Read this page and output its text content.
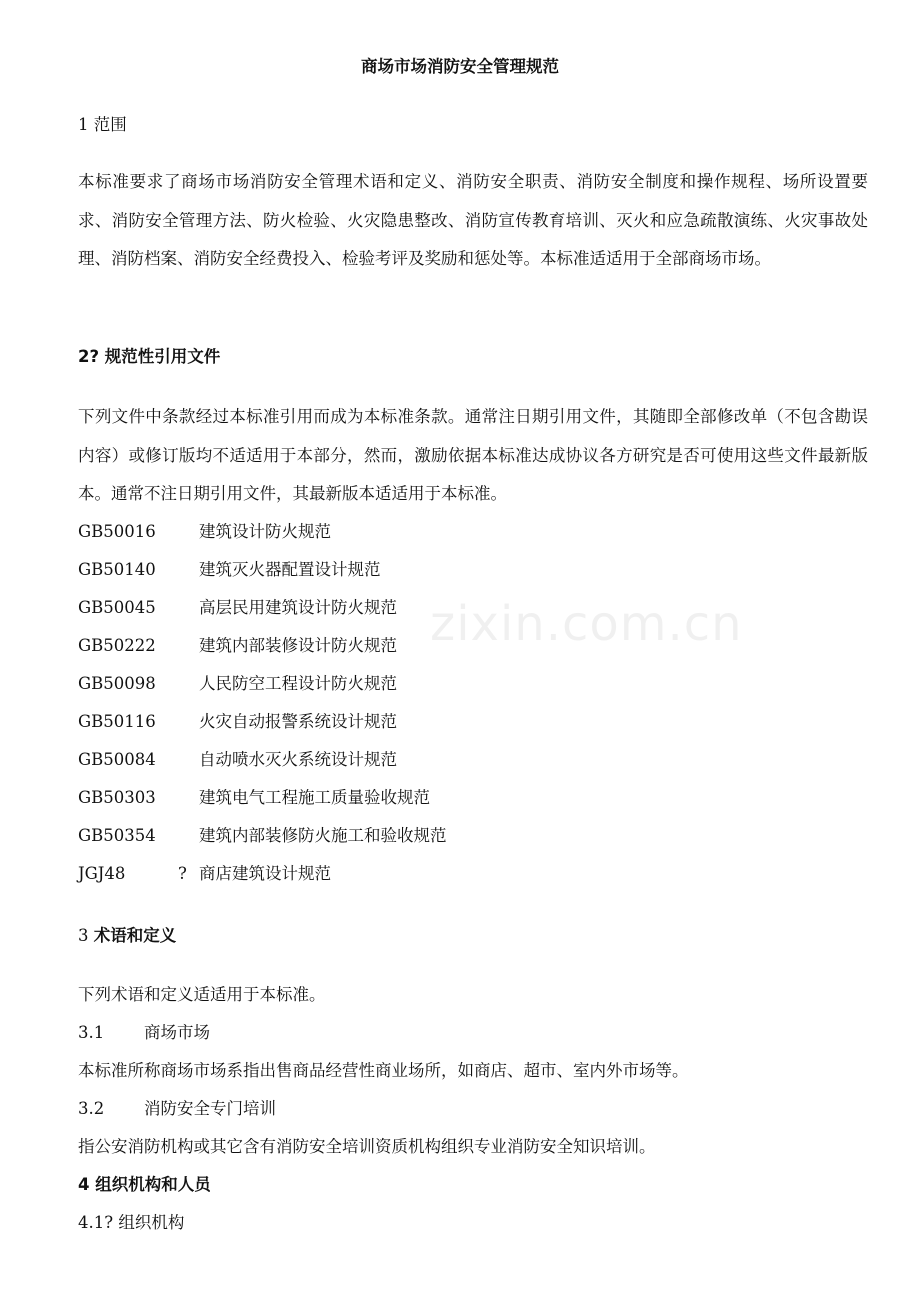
zixin.com.cn
商场市场消防安全管理规范
1 范围
本标准要求了商场市场消防安全管理术语和定义、消防安全职责、消防安全制度和操作规程、场所设置要求、消防安全管理方法、防火检验、火灾隐患整改、消防宣传教育培训、灭火和应急疏散演练、火灾事故处理、消防档案、消防安全经费投入、检验考评及奖励和惩处等。本标准适适用于全部商场市场。
2? 规范性引用文件
下列文件中条款经过本标准引用而成为本标准条款。通常注日期引用文件，其随即全部修改单（不包含勘误内容）或修订版均不适适用于本部分，然而，激励依据本标准达成协议各方研究是否可使用这些文件最新版本。通常不注日期引用文件，其最新版本适适用于本标准。
GB50016	建筑设计防火规范
GB50140	建筑灭火器配置设计规范
GB50045	高层民用建筑设计防火规范
GB50222	建筑内部装修设计防火规范
GB50098	人民防空工程设计防火规范
GB50116	火灾自动报警系统设计规范
GB50084	自动喷水灭火系统设计规范
GB50303	建筑电气工程施工质量验收规范
GB50354	建筑内部装修防火施工和验收规范
JGJ48	? 商店建筑设计规范
3 术语和定义
下列术语和定义适适用于本标准。
3.1 商场市场
本标准所称商场市场系指出售商品经营性商业场所，如商店、超市、室内外市场等。
3.2 消防安全专门培训
指公安消防机构或其它含有消防安全培训资质机构组织专业消防安全知识培训。
4 组织机构和人员
4.1? 组织机构
